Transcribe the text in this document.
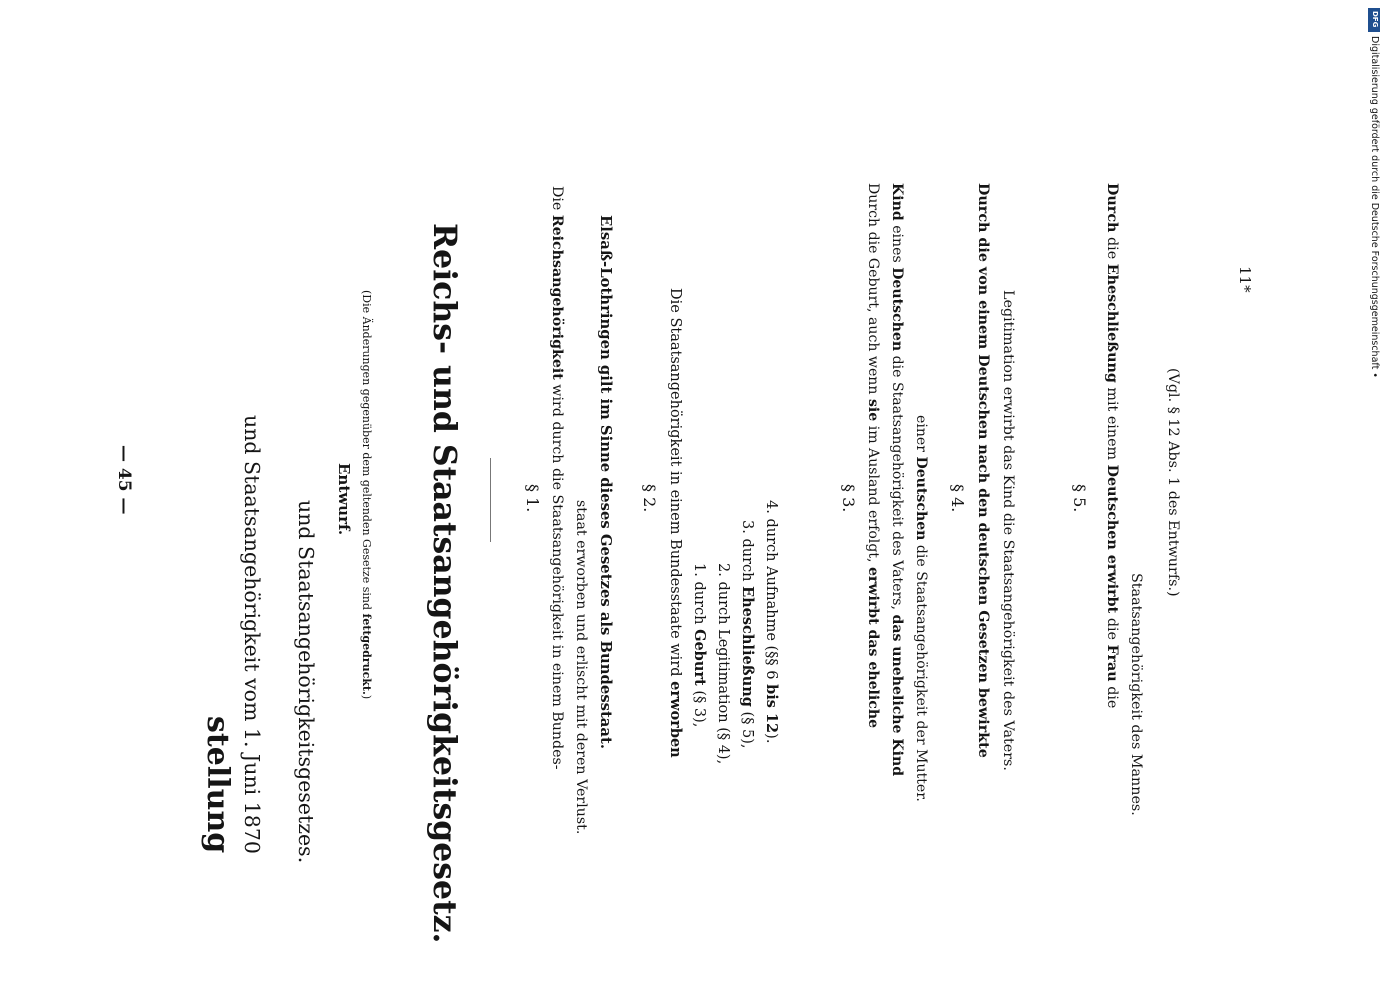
— 45 —
stellung und Staatsangehörigkeit vom 1. Juni 1870 und Staatsangehörigkeitsgesetzes.
Entwurf. (Die Änderungen gegenüber dem geltenden Gesetze sind fettgedruckt.) Reichs- und Staatsangehörigkeitsgesetz.	§ 1.
Die Reichsangehörigkeit wird durch die Staatsangehörigkeit in einem Bundes- staat erworben und erlischt mit deren Verlust. Elsaß-Lothringen gilt im Sinne dieses Gesetzes als Bundesstaat. § 2. Die Staatsangehörigkeit in einem Bundesstaate wird erworben
1. durch Geburt (§ 3), 2. durch Legitimation (§ 4),
3. durch Eheschließung (§ 5),
4. durch Aufnahme (§§ 6 bis 12).
§ 3.
Durch die Geburt, auch wenn sie im Ausland erfolgt, erwirbt das eheliche
Kind eines Deutschen die Staatsangehörigkeit des Vaters, das uneheliche Kind
einer Deutschen die Staatsangehörigkeit der Mutter.
§ 4. Durch die von einem Deutschen nach den deutschen Gesetzen bewirkte Legitimation erwirbt das Kind die Staatsangehörigkeit des Vaters.	§ 5.
Durch die Eheschließung mit einem Deutschen erwirbt die Frau die Staatsangehörigkeit des Mannes.
(Vgl. § 12 Abs. 1 des Entwurfs.)
11*
DFG
Digitalisierung gefördert durch die Deutsche Forschungsgemeinschaft •
